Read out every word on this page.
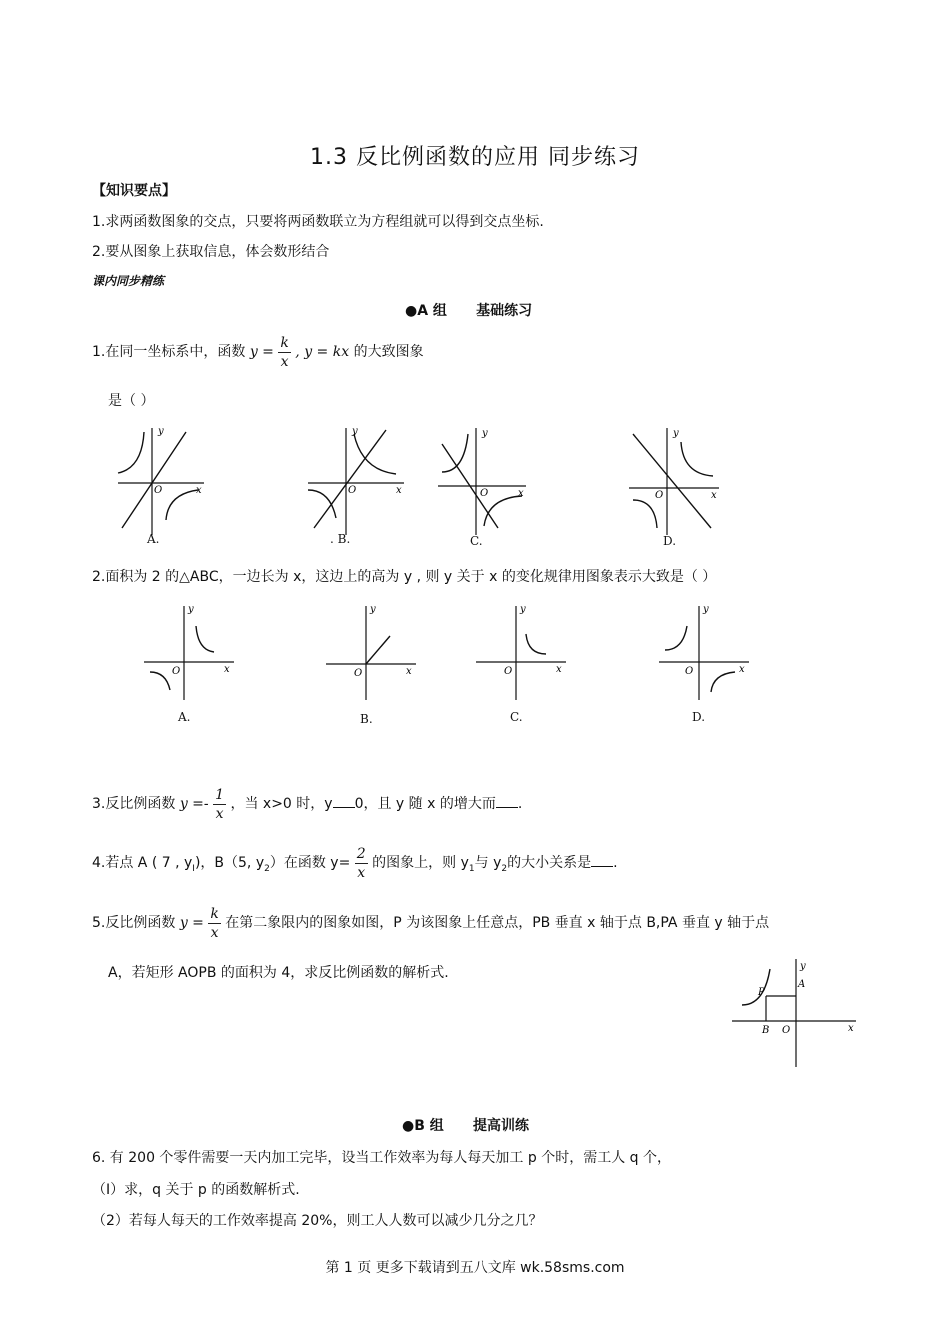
1.3 反比例函数的应用 同步练习
【知识要点】
1.求两函数图象的交点，只要将两函数联立为方程组就可以得到交点坐标.
2.要从图象上获取信息，体会数形结合
课内同步精练
●A 组      基础练习
1.在同一坐标系中，函数 $y = \frac{k}{x}$ , y = kx 的大致图象
是（ ）
y
O	x
A.
y
O	x
. B.
y
O	x
C.
y
O	x
D.
2.面积为 2 的△ABC，一边长为 x，这边上的高为 y , 则 y 关于 x 的变化规律用图象表示大致是（ ）
y
O	x
A.
y
O	x
B.
y
O	x
C.
y
O	x
D.
3.反比例函数 $y =- \frac{1}{x}$ ，当 x>0 时，y 0，且 y 随 x 的增大而 .
4.若点 A ( 7 , $y_I$)，B（5, $y_2$）在函数 $y= \frac{2}{x}$ 的图象上，则 $y_1$与 $y_2$的大小关系是 .
5.反比例函数 $y = \frac{k}{x}$ 在第二象限内的图象如图，P 为该图象上任意点，PB 垂直 x 轴于点 B,PA 垂直 y 轴于点
A，若矩形 AOPB 的面积为 4，求反比例函数的解析式.	y
P
A
B O	x
●B 组      提高训练
6. 有 200 个零件需要一天内加工完毕，设当工作效率为每人每天加工 p 个时，需工人 q 个，
（I）求，q 关于 p 的函数解析式.
（2）若每人每天的工作效率提高 20%，则工人人数可以减少几分之几？
第 1 页 更多下载请到五八文库 wk.58sms.com
